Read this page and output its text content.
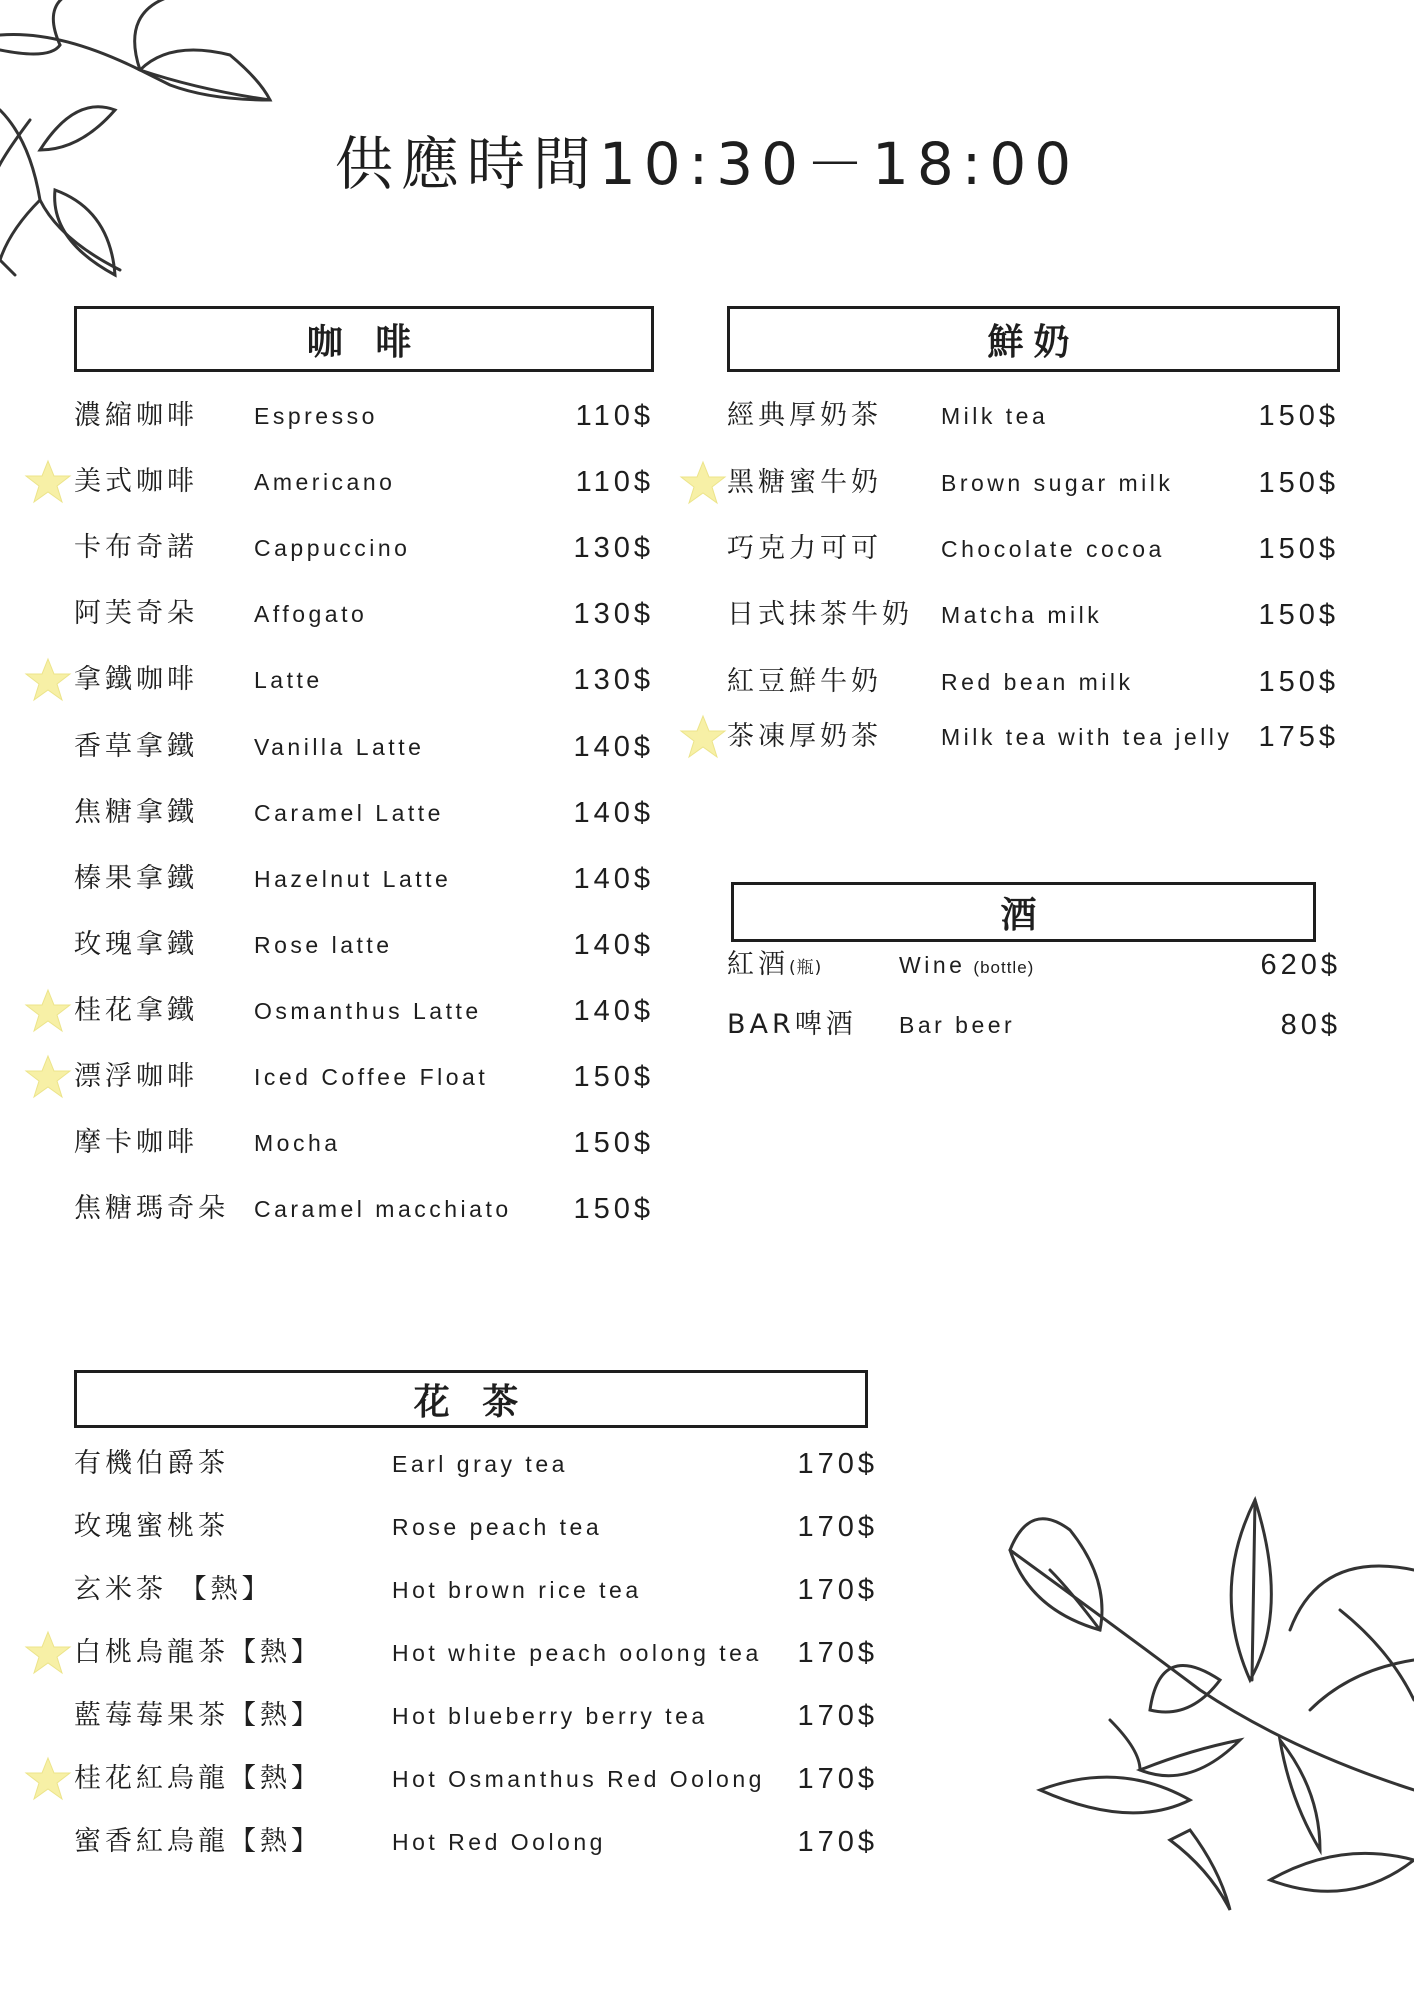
供應時間10:30－18:00
咖 啡	鮮奶
酒
花 茶
濃縮咖啡 Espresso	110$
美式咖啡 Americano	110$
卡布奇諾 Cappuccino	130$
阿芙奇朵 Affogato	130$
拿鐵咖啡 Latte	130$
香草拿鐵 Vanilla Latte	140$
焦糖拿鐵 Caramel Latte	140$
榛果拿鐵 Hazelnut Latte	140$
玫瑰拿鐵 Rose latte	140$
桂花拿鐵 Osmanthus Latte	140$
漂浮咖啡 Iced Coffee Float	150$
摩卡咖啡 Mocha	150$
焦糖瑪奇朵 Caramel macchiato	150$
經典厚奶茶	Milk tea	150$
黑糖蜜牛奶	Brown sugar milk	150$
巧克力可可	Chocolate cocoa	150$
日式抹茶牛奶 Matcha milk	150$
紅豆鮮牛奶	Red bean milk	150$
茶凍厚奶茶	Milk tea with tea jelly 175$
紅酒(瓶)	Wine (bottle)	620$
BAR啤酒 Bar beer	80$
有機伯爵茶	Earl gray tea	170$
玫瑰蜜桃茶	Rose peach tea	170$
玄米茶 【熱】	Hot brown rice tea	170$
白桃烏龍茶【熱】	Hot white peach oolong tea	170$
藍莓莓果茶【熱】	Hot blueberry berry tea	170$
桂花紅烏龍【熱】	Hot Osmanthus Red Oolong	170$
蜜香紅烏龍【熱】	Hot Red Oolong	170$
